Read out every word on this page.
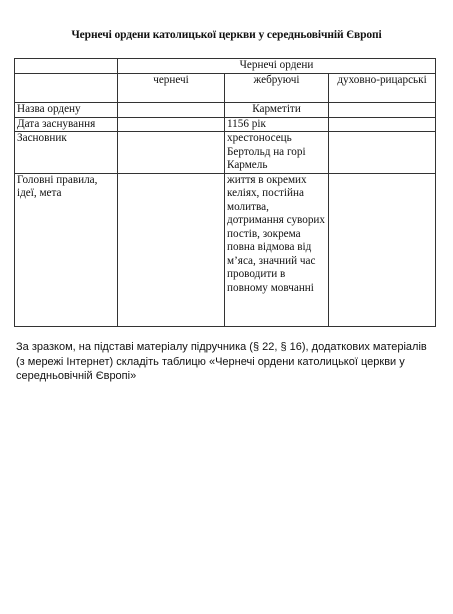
Чернечі ордени католицької церкви у середньовічній Європі
	Чернечі ордени		
	чернечі	жебруючі	духовно-рицарські
Назва ордену		Карметіти	
Дата заснування		1156 рік	
Засновник		хрестоносець Бертольд на горі Кармель	
Головні правила, ідеї, мета		життя в окремих келіях, постійна молитва, дотримання суворих постів, зокрема повна відмова від м’яса, значний час проводити в повному мовчанні	
За зразком, на підставі матеріалу підручника (§ 22, § 16), додаткових матеріалів (з мережі Інтернет) складіть таблицю «Чернечі ордени католицької церкви у середньовічній Європі»
